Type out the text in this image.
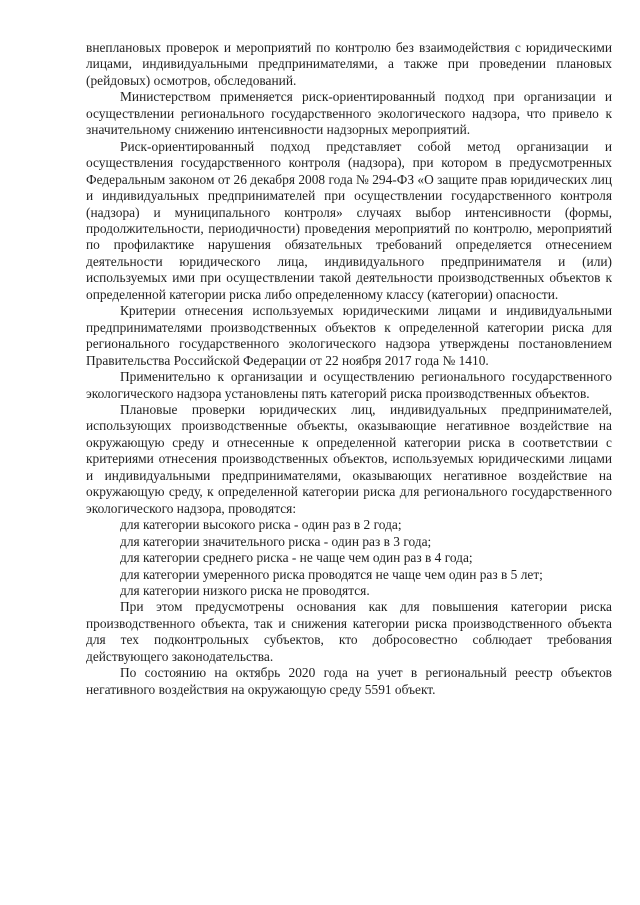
внеплановых проверок и мероприятий по контролю без взаимодействия с юридическими лицами, индивидуальными предпринимателями, а также при проведении плановых (рейдовых) осмотров, обследований.

Министерством применяется риск-ориентированный подход при организации и осуществлении регионального государственного экологического надзора, что привело к значительному снижению интенсивности надзорных мероприятий.

Риск-ориентированный подход представляет собой метод организации и осуществления государственного контроля (надзора), при котором в предусмотренных Федеральным законом от 26 декабря 2008 года № 294-ФЗ «О защите прав юридических лиц и индивидуальных предпринимателей при осуществлении государственного контроля (надзора) и муниципального контроля» случаях выбор интенсивности (формы, продолжительности, периодичности) проведения мероприятий по контролю, мероприятий по профилактике нарушения обязательных требований определяется отнесением деятельности юридического лица, индивидуального предпринимателя и (или) используемых ими при осуществлении такой деятельности производственных объектов к определенной категории риска либо определенному классу (категории) опасности.

Критерии отнесения используемых юридическими лицами и индивидуальными предпринимателями производственных объектов к определенной категории риска для регионального государственного экологического надзора утверждены постановлением Правительства Российской Федерации от 22 ноября 2017 года № 1410.

Применительно к организации и осуществлению регионального государственного экологического надзора установлены пять категорий риска производственных объектов.

Плановые проверки юридических лиц, индивидуальных предпринимателей, использующих производственные объекты, оказывающие негативное воздействие на окружающую среду и отнесенные к определенной категории риска в соответствии с критериями отнесения производственных объектов, используемых юридическими лицами и индивидуальными предпринимателями, оказывающих негативное воздействие на окружающую среду, к определенной категории риска для регионального государственного экологического надзора, проводятся:

для категории высокого риска - один раз в 2 года;

для категории значительного риска - один раз в 3 года;

для категории среднего риска - не чаще чем один раз в 4 года;

для категории умеренного риска проводятся не чаще чем один раз в 5 лет;

для категории низкого риска не проводятся.

При этом предусмотрены основания как для повышения категории риска производственного объекта, так и снижения категории риска производственного объекта для тех подконтрольных субъектов, кто добросовестно соблюдает требования действующего законодательства.

По состоянию на октябрь 2020 года на учет в региональный реестр объектов негативного воздействия на окружающую среду 5591 объект.
